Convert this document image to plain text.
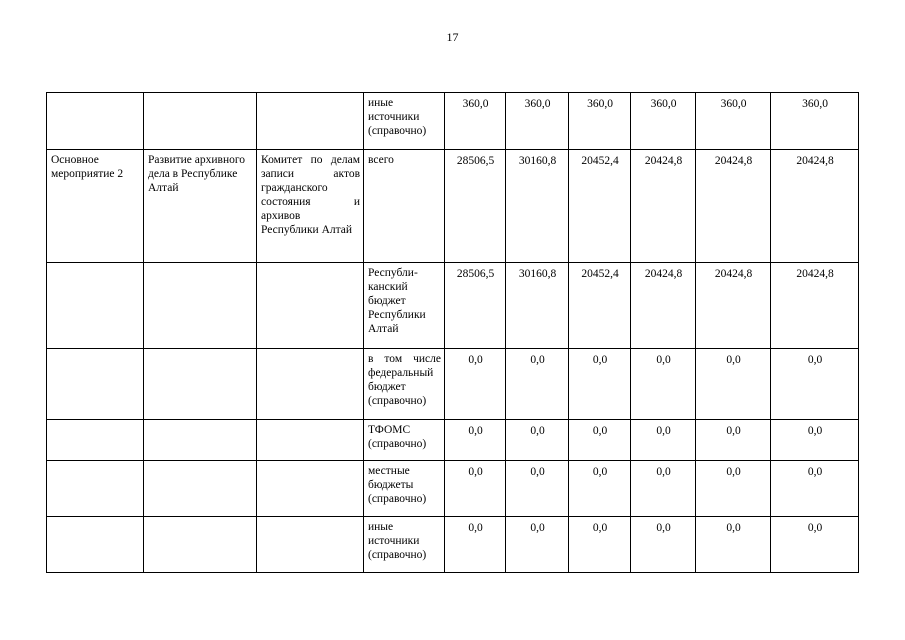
17
			иные источники (справочно)	360,0	360,0	360,0	360,0	360,0	360,0
Основное мероприятие 2	Развитие архивного дела в Республике Алтай	Комитет по делам записи актов гражданского состояния и архивов Республики Алтай	всего	28506,5	30160,8	20452,4	20424,8	20424,8	20424,8
			Республи-канский бюджет Республики Алтай	28506,5	30160,8	20452,4	20424,8	20424,8	20424,8
			в том числе федеральный бюджет (справочно)	0,0	0,0	0,0	0,0	0,0	0,0
			ТФОМС (справочно)	0,0	0,0	0,0	0,0	0,0	0,0
			местные бюджеты (справочно)	0,0	0,0	0,0	0,0	0,0	0,0
			иные источники (справочно)	0,0	0,0	0,0	0,0	0,0	0,0
